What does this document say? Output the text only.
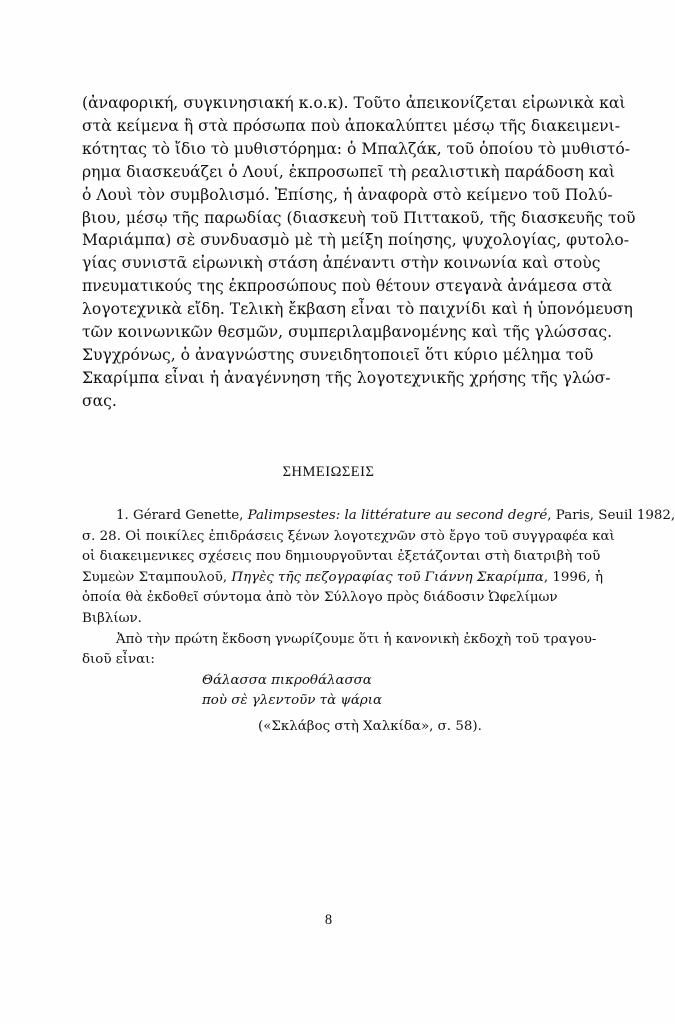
(ἀναφορική, συγκινησιακή κ.ο.κ). Τοῦτο ἀπεικονίζεται εἰρωνικὰ καὶ
στὰ κείμενα ἢ στὰ πρόσωπα ποὺ ἀποκαλύπτει μέσῳ τῆς διακειμενι-
κότητας τὸ ἴδιο τὸ μυθιστόρημα: ὁ Μπαλζάκ, τοῦ ὁποίου τὸ μυθιστό-
ρημα διασκευάζει ὁ Λουί, ἐκπροσωπεῖ τὴ ρεαλιστικὴ παράδοση καὶ
ὁ Λουὶ τὸν συμβολισμό. Ἐπίσης, ἡ ἀναφορὰ στὸ κείμενο τοῦ Πολύ-
βιου, μέσῳ τῆς παρωδίας (διασκευὴ τοῦ Πιττακοῦ, τῆς διασκευῆς τοῦ
Μαριάμπα) σὲ συνδυασμὸ μὲ τὴ μείξη ποίησης, ψυχολογίας, φυτολο-
γίας συνιστᾶ εἰρωνικὴ στάση ἀπέναντι στὴν κοινωνία καὶ στοὺς
πνευματικούς της ἐκπροσώπους ποὺ θέτουν στεγανὰ ἀνάμεσα στὰ
λογοτεχνικὰ εἴδη. Τελικὴ ἔκβαση εἶναι τὸ παιχνίδι καὶ ἡ ὑπονόμευση
τῶν κοινωνικῶν θεσμῶν, συμπεριλαμβανομένης καὶ τῆς γλώσσας.
Συγχρόνως, ὁ ἀναγνώστης συνειδητοποιεῖ ὅτι κύριο μέλημα τοῦ
Σκαρίμπα εἶναι ἡ ἀναγέννηση τῆς λογοτεχνικῆς χρήσης τῆς γλώσ-
σας.
ΣΗΜΕΙΩΣΕΙΣ
1. Gérard Genette, Palimpsestes: la littérature au second degré, Paris, Seuil 1982,
σ. 28. Οἱ ποικίλες ἐπιδράσεις ξένων λογοτεχνῶν στὸ ἔργο τοῦ συγγραφέα καὶ
οἱ διακειμενικες σχέσεις που δημιουργοῦνται ἐξετάζονται στὴ διατριβὴ τοῦ
Συμεὼν Σταμπουλοῦ, Πηγὲς τῆς πεζογραφίας τοῦ Γιάννη Σκαρίμπα, 1996, ἡ
ὁποία θὰ ἐκδοθεῖ σύντομα ἀπὸ τὸν Σύλλογο πρὸς διάδοσιν Ὠφελίμων
Βιβλίων.
Ἀπὸ τὴν πρώτη ἔκδοση γνωρίζουμε ὅτι ἡ κανονικὴ ἐκδοχὴ τοῦ τραγου-
διοῦ εἶναι:
Θάλασσα πικροθάλασσα
ποὺ σὲ γλεντοῦν τὰ ψάρια
(«Σκλάβος στὴ Χαλκίδα», σ. 58).
8
